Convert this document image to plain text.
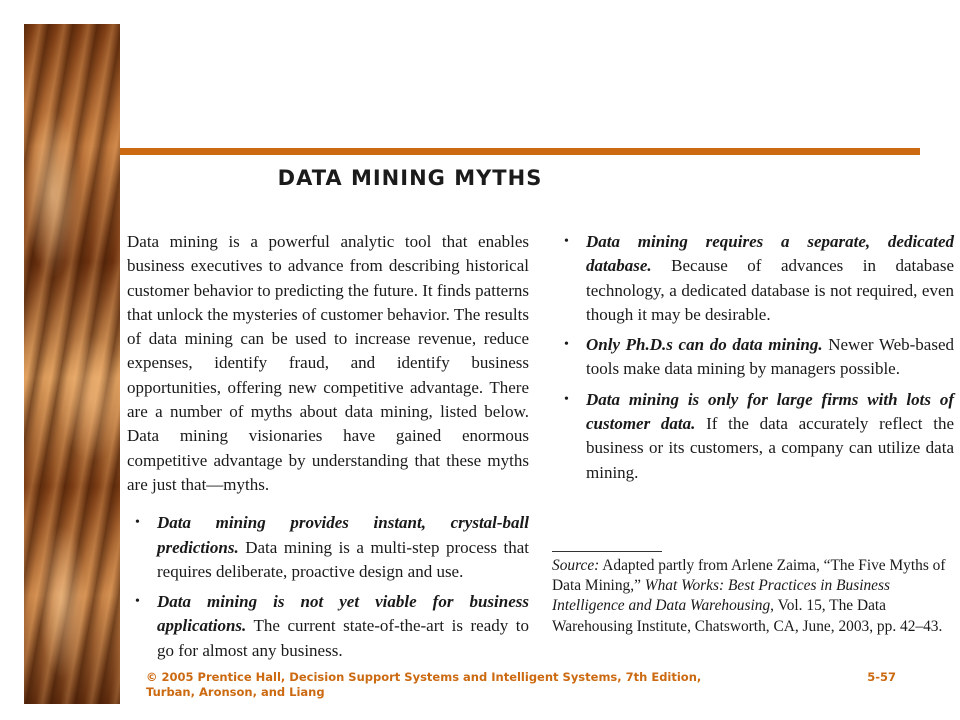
DATA MINING MYTHS

Data mining is a powerful analytic tool that enables business executives to advance from describing historical customer behavior to predicting the future. It finds patterns that unlock the mysteries of customer behavior. The results of data mining can be used to increase revenue, reduce expenses, identify fraud, and identify business opportunities, offering new competitive advantage. There are a number of myths about data mining, listed below. Data mining visionaries have gained enormous competitive advantage by understanding that these myths are just that—myths.

• Data mining provides instant, crystal-ball predictions. Data mining is a multi-step process that requires deliberate, proactive design and use.
• Data mining is not yet viable for business applications. The current state-of-the-art is ready to go for almost any business.
• Data mining requires a separate, dedicated database. Because of advances in database technology, a dedicated database is not required, even though it may be desirable.
• Only Ph.D.s can do data mining. Newer Web-based tools make data mining by managers possible.
• Data mining is only for large firms with lots of customer data. If the data accurately reflect the business or its customers, a company can utilize data mining.

Source: Adapted partly from Arlene Zaima, “The Five Myths of Data Mining,” What Works: Best Practices in Business Intelligence and Data Warehousing, Vol. 15, The Data Warehousing Institute, Chatsworth, CA, June, 2003, pp. 42–43.

© 2005 Prentice Hall, Decision Support Systems and Intelligent Systems, 7th Edition, Turban, Aronson, and Liang
5-57
